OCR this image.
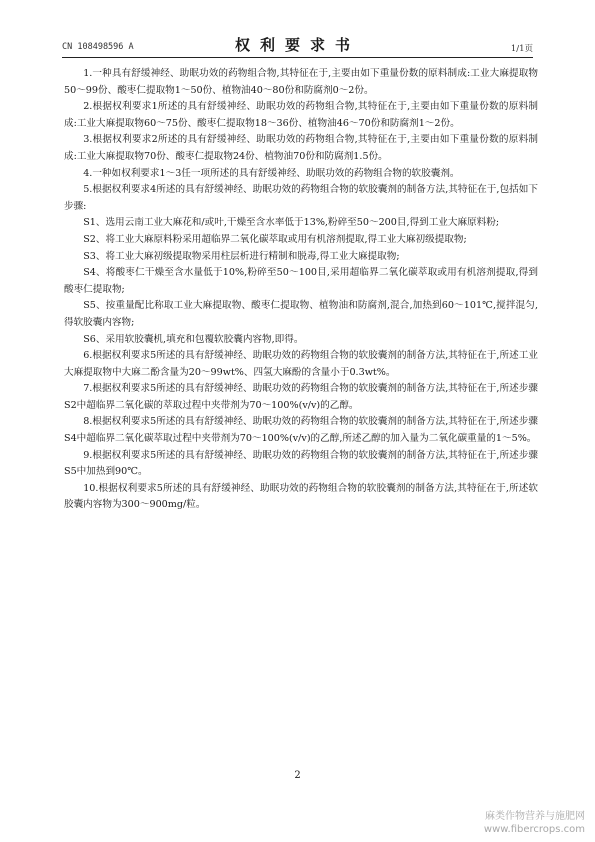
CN 108498596 A	权利要求书	1/1页

1.一种具有舒缓神经、助眠功效的药物组合物,其特征在于,主要由如下重量份数的原料制成:工业大麻提取物50～99份、酸枣仁提取物1～50份、植物油40～80份和防腐剂0～2份。

2.根据权利要求1所述的具有舒缓神经、助眠功效的药物组合物,其特征在于,主要由如下重量份数的原料制成:工业大麻提取物60～75份、酸枣仁提取物18～36份、植物油46～70份和防腐剂1～2份。

3.根据权利要求2所述的具有舒缓神经、助眠功效的药物组合物,其特征在于,主要由如下重量份数的原料制成:工业大麻提取物70份、酸枣仁提取物24份、植物油70份和防腐剂1.5份。

4.一种如权利要求1～3任一项所述的具有舒缓神经、助眠功效的药物组合物的软胶囊剂。

5.根据权利要求4所述的具有舒缓神经、助眠功效的药物组合物的软胶囊剂的制备方法,其特征在于,包括如下步骤:

S1、选用云南工业大麻花和/或叶,干燥至含水率低于13%,粉碎至50～200目,得到工业大麻原料粉;

S2、将工业大麻原料粉采用超临界二氧化碳萃取或用有机溶剂提取,得工业大麻初级提取物;

S3、将工业大麻初级提取物采用柱层析进行精制和脱毒,得工业大麻提取物;

S4、将酸枣仁干燥至含水量低于10%,粉碎至50～100目,采用超临界二氧化碳萃取或用有机溶剂提取,得到酸枣仁提取物;

S5、按重量配比称取工业大麻提取物、酸枣仁提取物、植物油和防腐剂,混合,加热到60～101℃,搅拌混匀,得软胶囊内容物;

S6、采用软胶囊机,填充和包覆软胶囊内容物,即得。

6.根据权利要求5所述的具有舒缓神经、助眠功效的药物组合物的软胶囊剂的制备方法,其特征在于,所述工业大麻提取物中大麻二酚含量为20～99wt%、四氢大麻酚的含量小于0.3wt%。

7.根据权利要求5所述的具有舒缓神经、助眠功效的药物组合物的软胶囊剂的制备方法,其特征在于,所述步骤S2中超临界二氧化碳的萃取过程中夹带剂为70～100%(v/v)的乙醇。

8.根据权利要求5所述的具有舒缓神经、助眠功效的药物组合物的软胶囊剂的制备方法,其特征在于,所述步骤S4中超临界二氧化碳萃取过程中夹带剂为70～100%(v/v)的乙醇,所述乙醇的加入量为二氧化碳重量的1～5%。

9.根据权利要求5所述的具有舒缓神经、助眠功效的药物组合物的软胶囊剂的制备方法,其特征在于,所述步骤S5中加热到90℃。

10.根据权利要求5所述的具有舒缓神经、助眠功效的药物组合物的软胶囊剂的制备方法,其特征在于,所述软胶囊内容物为300～900mg/粒。

2
麻类作物营养与施肥网
www.fibercrops.com
